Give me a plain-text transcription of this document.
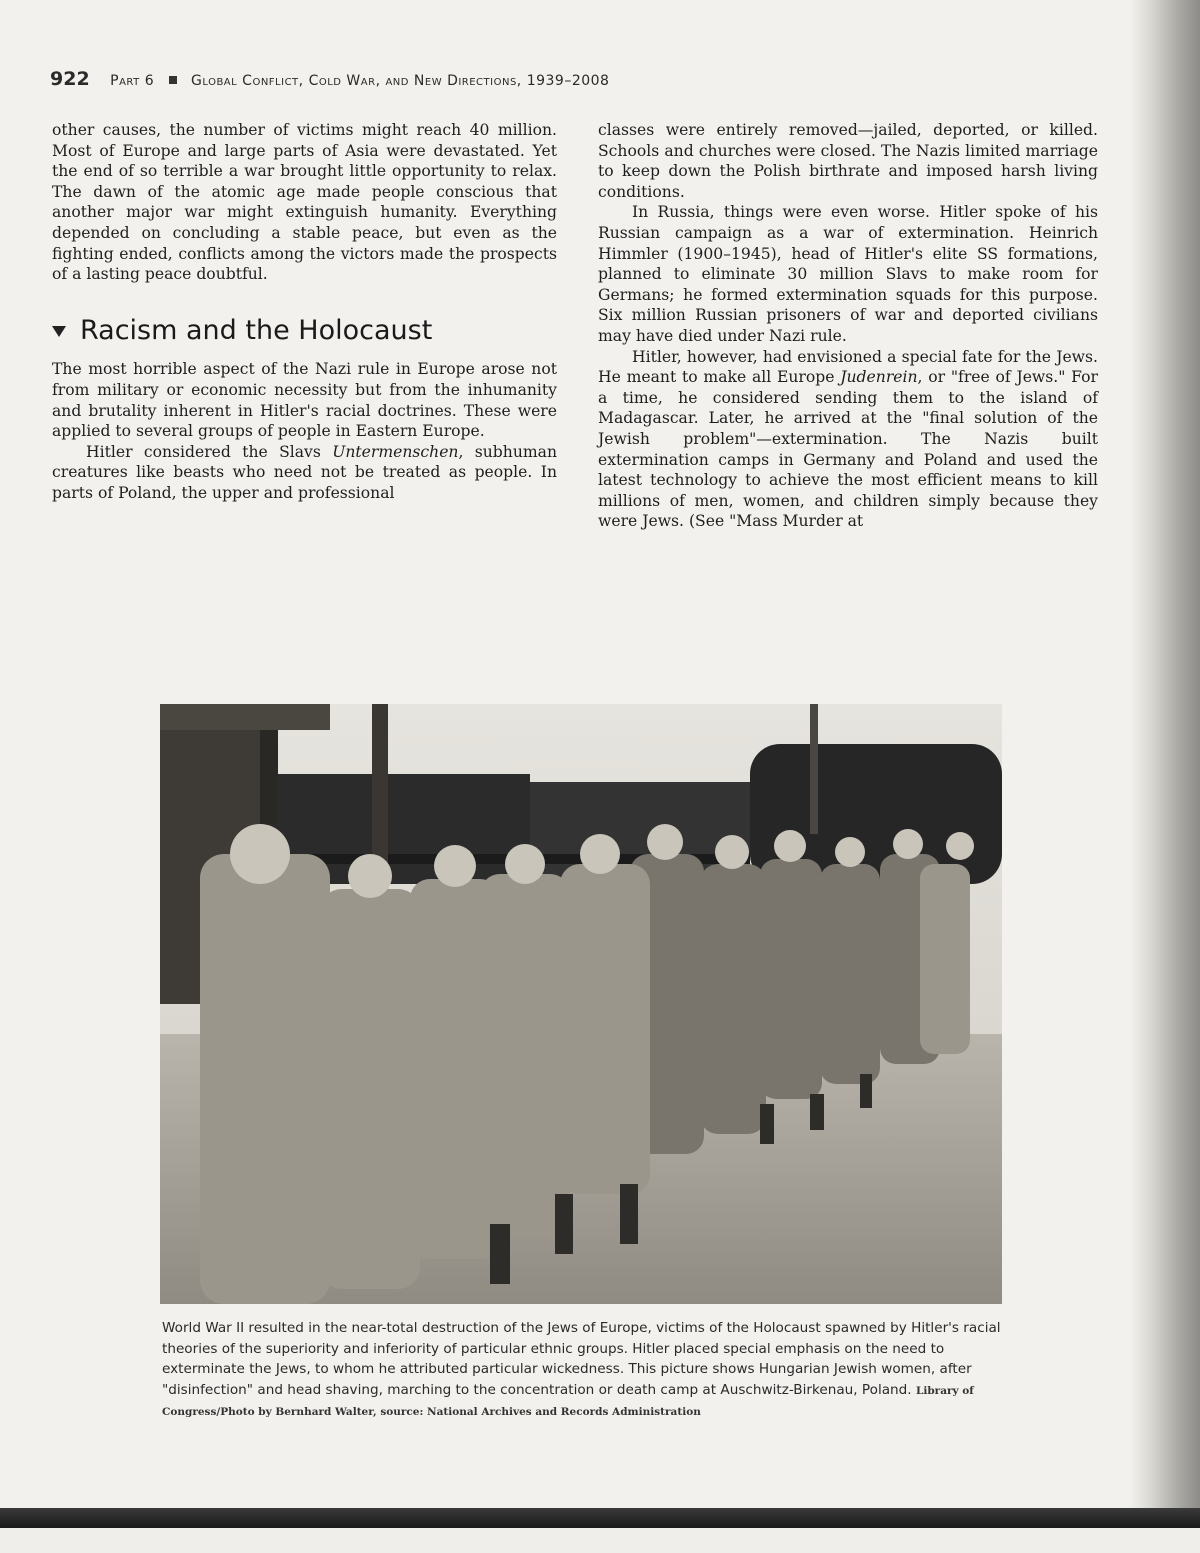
922 Part 6	Global Conflict, Cold War, and New Directions, 1939–2008

other causes, the number of victims might reach 40 million. Most of Europe and large parts of Asia were devastated. Yet the end of so terrible a war brought little opportunity to relax. The dawn of the atomic age made people conscious that another major war might extinguish humanity. Everything depended on concluding a stable peace, but even as the fighting ended, conflicts among the victors made the prospects of a lasting peace doubtful.

Racism and the Holocaust

The most horrible aspect of the Nazi rule in Europe arose not from military or economic necessity but from the inhumanity and brutality inherent in Hitler's racial doctrines. These were applied to several groups of people in Eastern Europe.

Hitler considered the Slavs Untermenschen, subhuman creatures like beasts who need not be treated as people. In parts of Poland, the upper and professional

classes were entirely removed—jailed, deported, or killed. Schools and churches were closed. The Nazis limited marriage to keep down the Polish birthrate and imposed harsh living conditions.

In Russia, things were even worse. Hitler spoke of his Russian campaign as a war of extermination. Heinrich Himmler (1900–1945), head of Hitler's elite SS formations, planned to eliminate 30 million Slavs to make room for Germans; he formed extermination squads for this purpose. Six million Russian prisoners of war and deported civilians may have died under Nazi rule.

Hitler, however, had envisioned a special fate for the Jews. He meant to make all Europe Judenrein, or "free of Jews." For a time, he considered sending them to the island of Madagascar. Later, he arrived at the "final solution of the Jewish problem"—extermination. The Nazis built extermination camps in Germany and Poland and used the latest technology to achieve the most efficient means to kill millions of men, women, and children simply because they were Jews. (See "Mass Murder at

World War II resulted in the near-total destruction of the Jews of Europe, victims of the Holocaust spawned by Hitler's racial theories of the superiority and inferiority of particular ethnic groups. Hitler placed special emphasis on the need to exterminate the Jews, to whom he attributed particular wickedness. This picture shows Hungarian Jewish women, after "disinfection" and head shaving, marching to the concentration or death camp at Auschwitz-Birkenau, Poland. Library of Congress/Photo by Bernhard Walter, source: National Archives and Records Administration
